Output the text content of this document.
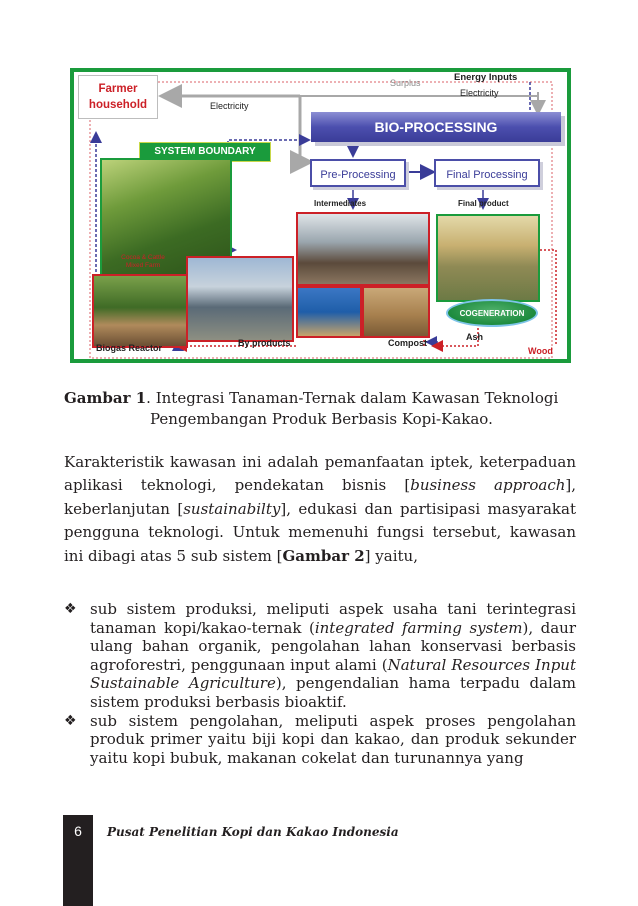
Farmer household	Electricity
Surplus	Energy Inputs
Electricity
BIO-PROCESSING
SYSTEM BOUNDARY
Pre-Processing	Final Processing
Intermediates	Final product
Cocoa & Cattle Mixed Farm
Biogas Reactor	By products	Compost
COGENERATION
Ash
Wood
Gambar 1. Integrasi Tanaman-Ternak dalam Kawasan Teknologi
Pengembangan Produk Berbasis Kopi-Kakao.

Karakteristik kawasan ini adalah pemanfaatan iptek, keterpaduan aplikasi teknologi, pendekatan bisnis [business approach], keberlanjutan [sustainabilty], edukasi dan partisipasi masyarakat pengguna teknologi. Untuk memenuhi fungsi tersebut, kawasan ini dibagi atas 5 sub sistem [Gambar 2] yaitu,

❖ sub sistem produksi, meliputi aspek usaha tani terintegrasi tanaman kopi/kakao-ternak (integrated farming system), daur ulang bahan organik, pengolahan lahan konservasi berbasis agroforestri, penggunaan input alami (Natural Resources Input Sustainable Agriculture), pengendalian hama terpadu dalam sistem produksi berbasis bioaktif.
❖ sub sistem pengolahan, meliputi aspek proses pengolahan produk primer yaitu biji kopi dan kakao, dan produk sekunder yaitu kopi bubuk, makanan cokelat dan turunannya yang
6	Pusat Penelitian Kopi dan Kakao Indonesia
